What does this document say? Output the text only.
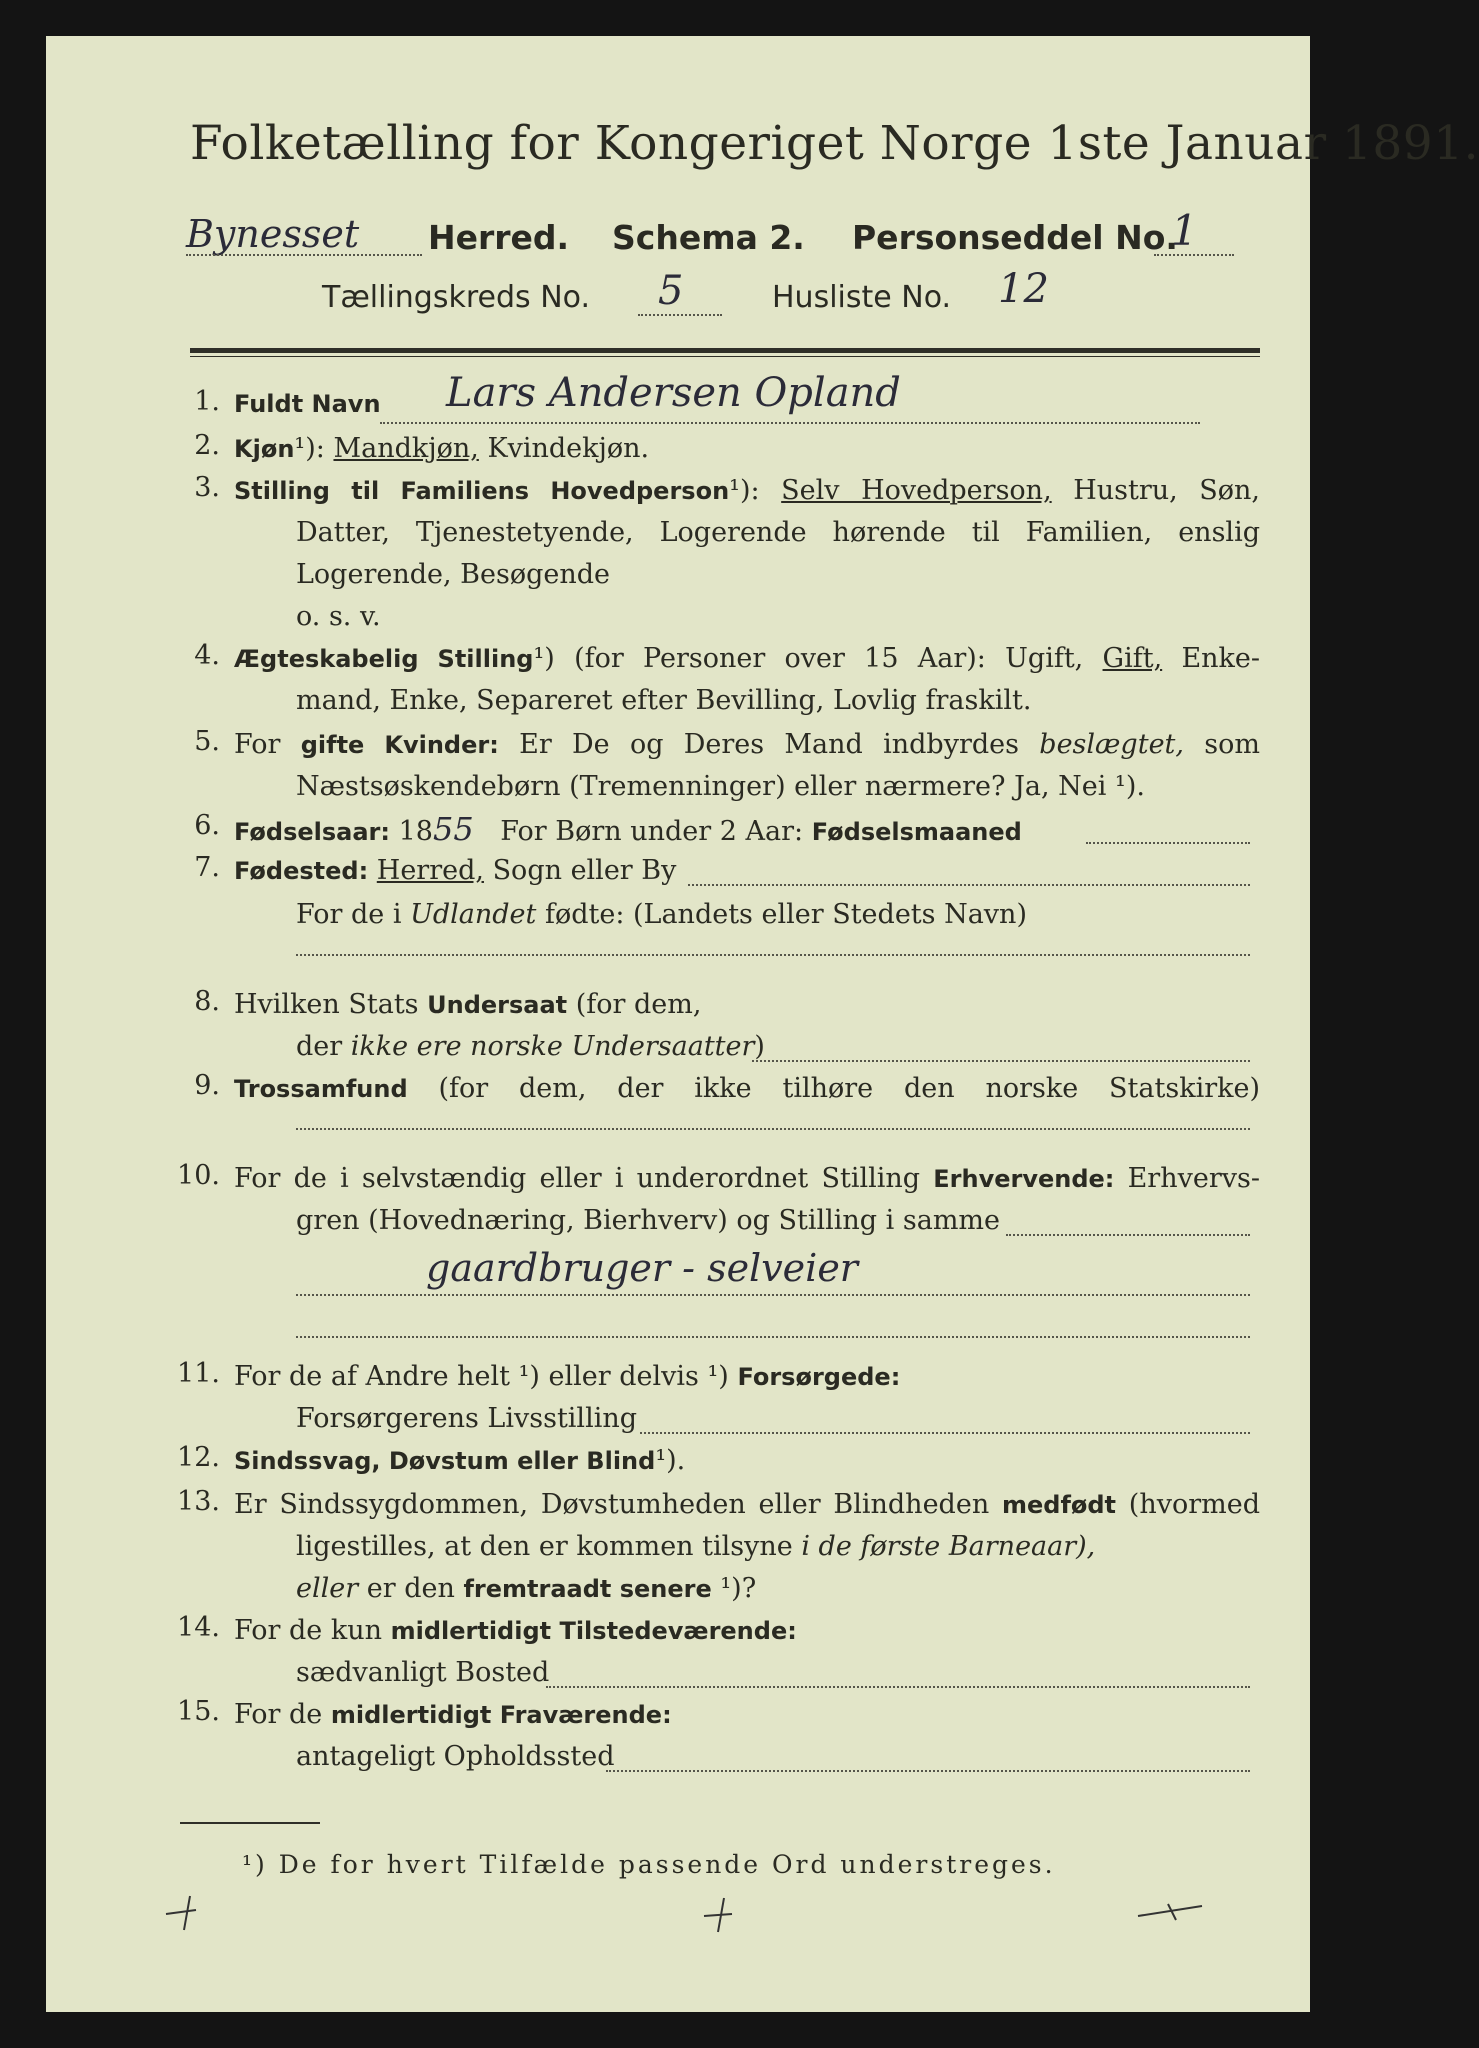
Folketælling for Kongeriget Norge 1ste Januar 1891.
Bynesset Herred. Schema 2. Personseddel No.
1
Tællingskreds No. 5	Husliste No. 12
1. Fuldt Navn Lars Andersen Opland
2. Kjøn¹): Mandkjøn, Kvindekjøn.
3. Stilling til Familiens Hovedperson¹): Selv Hovedperson, Hustru, Søn,
Datter, Tjenestetyende, Logerende hørende til Familien, enslig
Logerende, Besøgende
o. s. v.
4. Ægteskabelig Stilling¹) (for Personer over 15 Aar): Ugift, Gift, Enke-
mand, Enke, Separeret efter Bevilling, Lovlig fraskilt.
5. For gifte Kvinder: Er De og Deres Mand indbyrdes beslægtet, som
Næstsøskendebørn (Tremenninger) eller nærmere? Ja, Nei ¹).
6. Fødselsaar: 1855 For Børn under 2 Aar: Fødselsmaaned
7. Fødested: Herred, Sogn eller By
For de i Udlandet fødte: (Landets eller Stedets Navn)
8. Hvilken Stats Undersaat (for dem,
der ikke ere norske Undersaatter)
9. Trossamfund (for dem, der ikke tilhøre den norske Statskirke)
10. For de i selvstændig eller i underordnet Stilling Erhvervende: Erhvervs-
gren (Hovednæring, Bierhverv) og Stilling i samme
gaardbruger - selveier
11. For de af Andre helt ¹) eller delvis ¹) Forsørgede:
Forsørgerens Livsstilling
12. Sindssvag, Døvstum eller Blind¹).
13. Er Sindssygdommen, Døvstumheden eller Blindheden medfødt (hvormed
ligestilles, at den er kommen tilsyne i de første Barneaar),
eller er den fremtraadt senere ¹)?
14. For de kun midlertidigt Tilstedeværende:
sædvanligt Bosted
15. For de midlertidigt Fraværende:
antageligt Opholdssted
¹) De for hvert Tilfælde passende Ord understreges.
